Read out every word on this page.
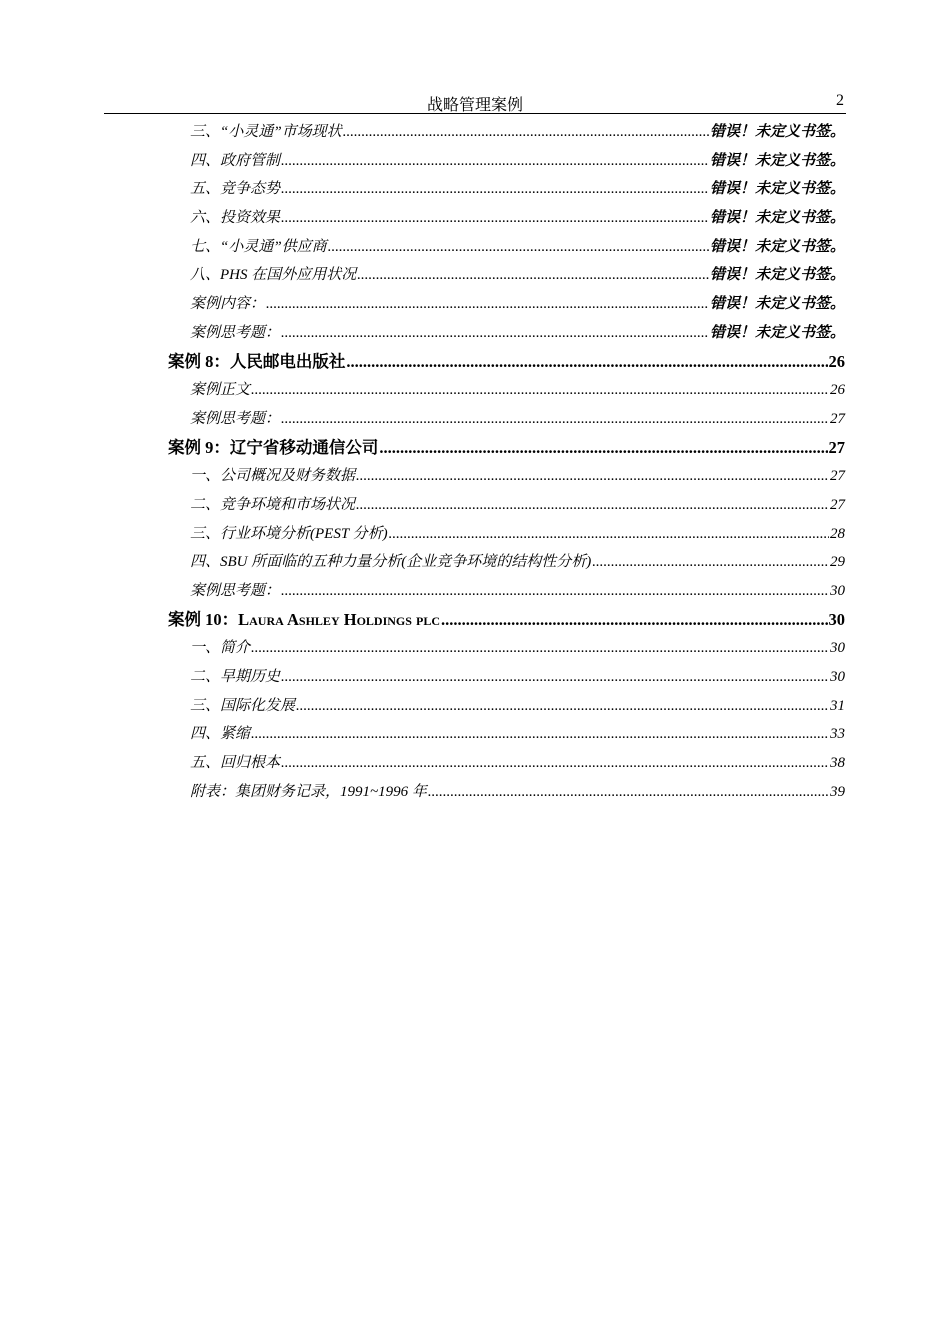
战略管理案例	2
三、“小灵通”市场现状 .....	错误！未定义书签。
四、政府管制 .....	错误！未定义书签。
五、竞争态势 .....	错误！未定义书签。
六、投资效果 .....	错误！未定义书签。
七、“小灵通”供应商 .....	错误！未定义书签。
八、PHS 在国外应用状况 .....	错误！未定义书签。
案例内容： .....	错误！未定义书签。
案例思考题： .....	错误！未定义书签。
案例 8：人民邮电出版社 .....	26
案例正文 .....	26
案例思考题： .....	27
案例 9：辽宁省移动通信公司 .....	27
一、公司概况及财务数据 .....	27
二、竞争环境和市场状况 .....	27
三、行业环境分析(PEST 分析) .....	28
四、SBU 所面临的五种力量分析(企业竞争环境的结构性分析) .....	29
案例思考题： .....	30
案例 10：Laura Ashley Holdings plc .....	30
一、简介 .....	30
二、早期历史 .....	30
三、国际化发展 .....	31
四、紧缩 .....	33
五、回归根本 .....	38
附表：集团财务记录，1991~1996 年 .....	39
